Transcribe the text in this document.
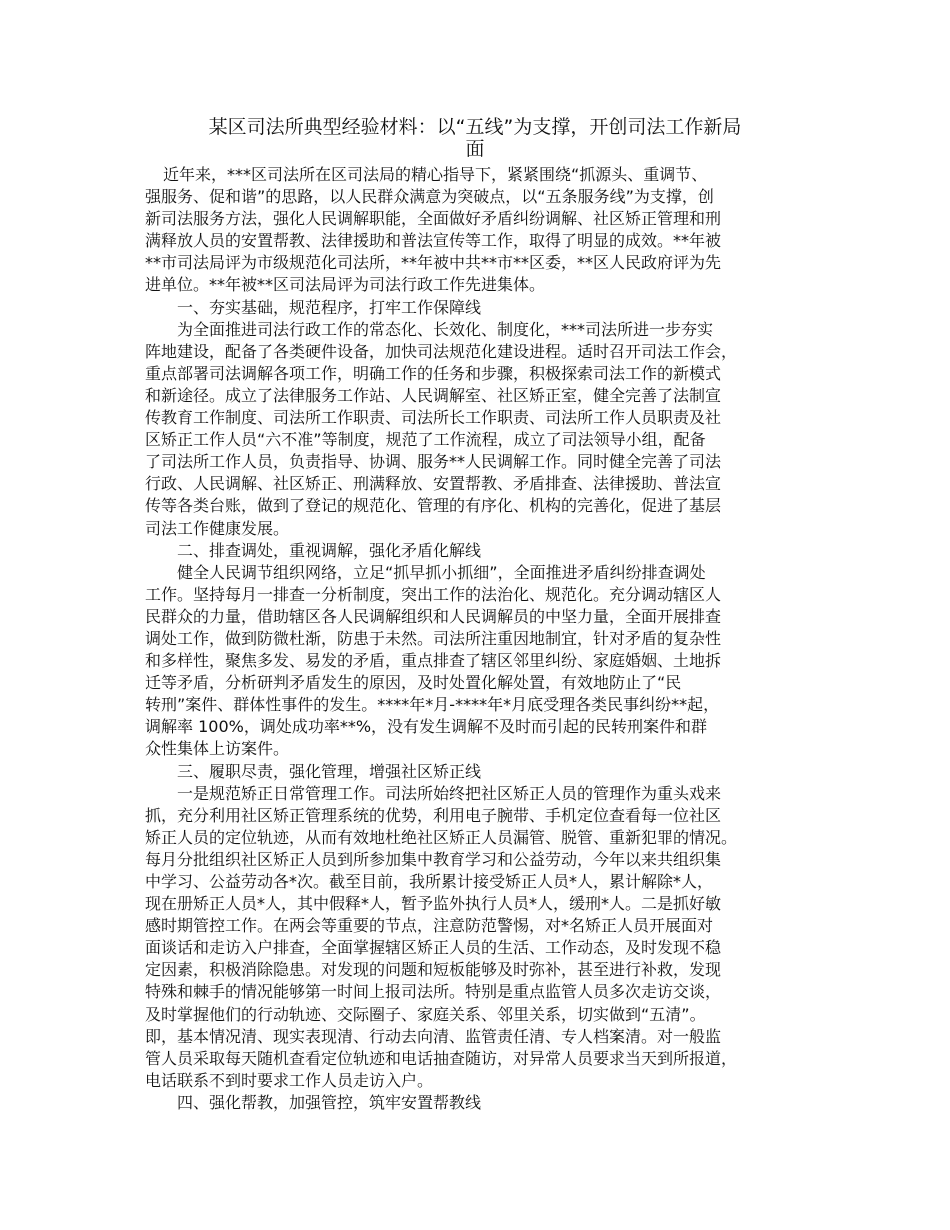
某区司法所典型经验材料：以“五线”为支撑，开创司法工作新局
面
近年来，***区司法所在区司法局的精心指导下，紧紧围绕“抓源头、重调节、
强服务、促和谐”的思路，以人民群众满意为突破点，以“五条服务线”为支撑，创
新司法服务方法，强化人民调解职能，全面做好矛盾纠纷调解、社区矫正管理和刑
满释放人员的安置帮教、法律援助和普法宣传等工作，取得了明显的成效。**年被
**市司法局评为市级规范化司法所，**年被中共**市**区委，**区人民政府评为先
进单位。**年被**区司法局评为司法行政工作先进集体。
一、夯实基础，规范程序，打牢工作保障线
为全面推进司法行政工作的常态化、长效化、制度化，***司法所进一步夯实
阵地建设，配备了各类硬件设备，加快司法规范化建设进程。适时召开司法工作会，
重点部署司法调解各项工作，明确工作的任务和步骤，积极探索司法工作的新模式
和新途径。成立了法律服务工作站、人民调解室、社区矫正室，健全完善了法制宣
传教育工作制度、司法所工作职责、司法所长工作职责、司法所工作人员职责及社
区矫正工作人员“六不准”等制度，规范了工作流程，成立了司法领导小组，配备
了司法所工作人员，负责指导、协调、服务**人民调解工作。同时健全完善了司法
行政、人民调解、社区矫正、刑满释放、安置帮教、矛盾排查、法律援助、普法宣
传等各类台账，做到了登记的规范化、管理的有序化、机构的完善化，促进了基层
司法工作健康发展。
二、排查调处，重视调解，强化矛盾化解线
健全人民调节组织网络，立足“抓早抓小抓细”，全面推进矛盾纠纷排查调处
工作。坚持每月一排查一分析制度，突出工作的法治化、规范化。充分调动辖区人
民群众的力量，借助辖区各人民调解组织和人民调解员的中坚力量，全面开展排查
调处工作，做到防微杜渐，防患于未然。司法所注重因地制宜，针对矛盾的复杂性
和多样性，聚焦多发、易发的矛盾，重点排查了辖区邻里纠纷、家庭婚姻、土地拆
迁等矛盾，分析研判矛盾发生的原因，及时处置化解处置，有效地防止了“民
转刑”案件、群体性事件的发生。****年*月-****年*月底受理各类民事纠纷**起，
调解率 100%，调处成功率**%，没有发生调解不及时而引起的民转刑案件和群
众性集体上访案件。
三、履职尽责，强化管理，增强社区矫正线
一是规范矫正日常管理工作。司法所始终把社区矫正人员的管理作为重头戏来
抓，充分利用社区矫正管理系统的优势，利用电子腕带、手机定位查看每一位社区
矫正人员的定位轨迹，从而有效地杜绝社区矫正人员漏管、脱管、重新犯罪的情况。
每月分批组织社区矫正人员到所参加集中教育学习和公益劳动，今年以来共组织集
中学习、公益劳动各*次。截至目前，我所累计接受矫正人员*人，累计解除*人，
现在册矫正人员*人，其中假释*人，暂予监外执行人员*人，缓刑*人。二是抓好敏
感时期管控工作。在两会等重要的节点，注意防范警惕，对*名矫正人员开展面对
面谈话和走访入户排查，全面掌握辖区矫正人员的生活、工作动态，及时发现不稳
定因素，积极消除隐患。对发现的问题和短板能够及时弥补，甚至进行补救，发现
特殊和棘手的情况能够第一时间上报司法所。特别是重点监管人员多次走访交谈，
及时掌握他们的行动轨迹、交际圈子、家庭关系、邻里关系，切实做到“五清”。
即，基本情况清、现实表现清、行动去向清、监管责任清、专人档案清。对一般监
管人员采取每天随机查看定位轨迹和电话抽查随访，对异常人员要求当天到所报道，
电话联系不到时要求工作人员走访入户。
四、强化帮教，加强管控，筑牢安置帮教线
